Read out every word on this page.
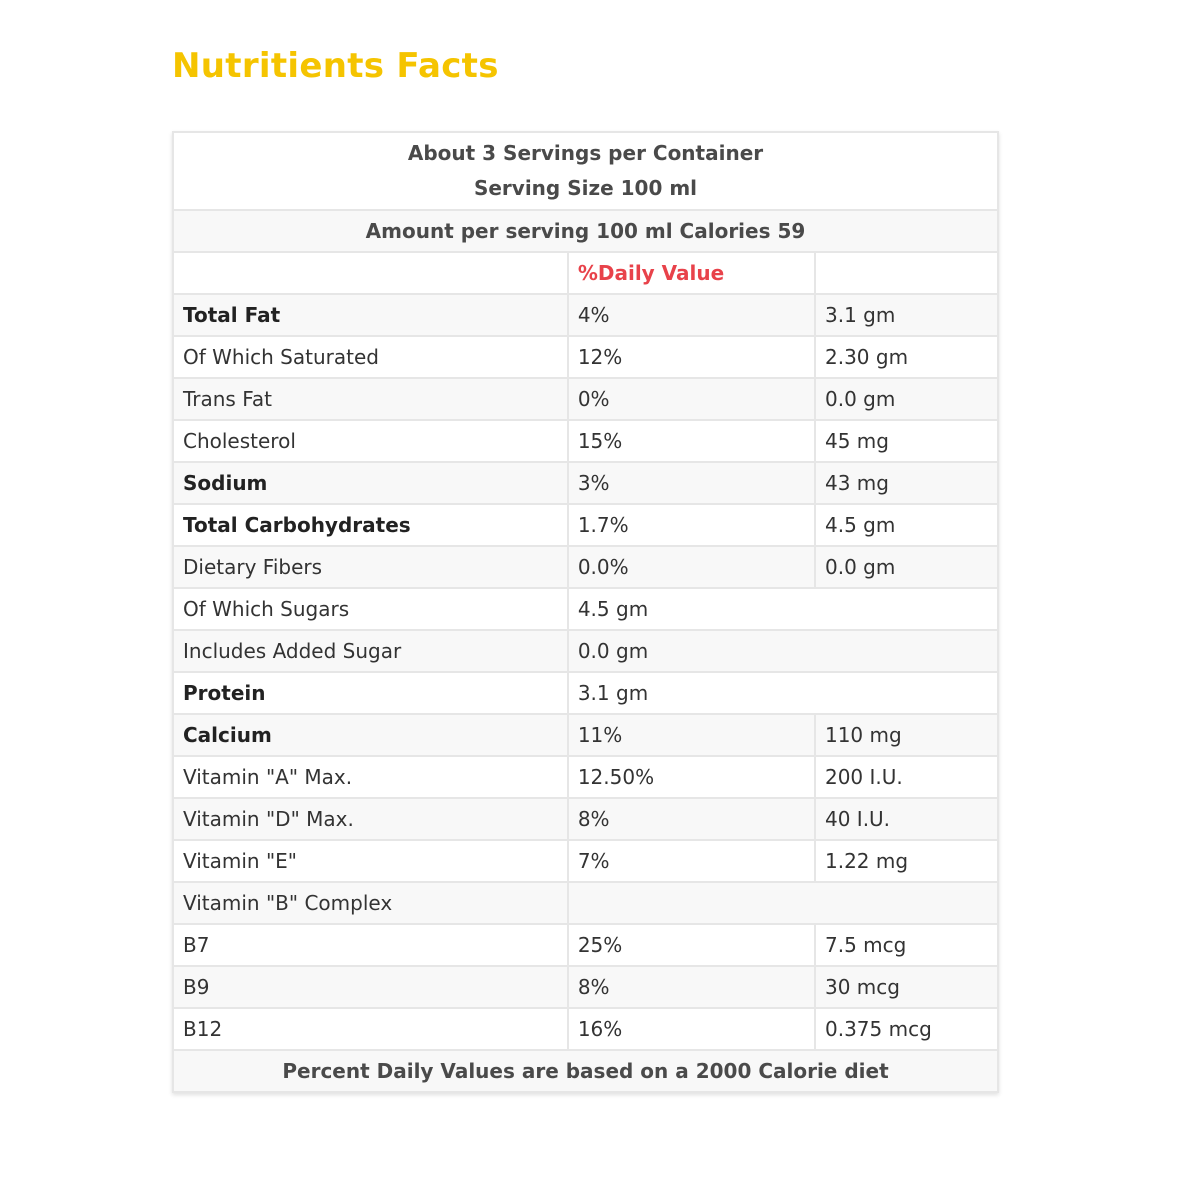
Nutritients Facts
About 3 Servings per Container
Serving Size 100 ml		

Amount per serving 100 ml Calories 59		
	%Daily Value	
Total Fat	4%	3.1 gm
Of Which Saturated	12%	2.30 gm
Trans Fat	0%	0.0 gm
Cholesterol	15%	45 mg
Sodium	3%	43 mg
Total Carbohydrates	1.7%	4.5 gm
Dietary Fibers	0.0%	0.0 gm
Of Which Sugars	4.5 gm	
Includes Added Sugar	0.0 gm	
Protein	3.1 gm	
Calcium	11%	110 mg
Vitamin "A" Max.	12.50%	200 I.U.
Vitamin "D" Max.	8%	40 I.U.
Vitamin "E"	7%	1.22 mg
Vitamin "B" Complex		
B7	25%	7.5 mcg
B9	8%	30 mcg
B12	16%	0.375 mcg
Percent Daily Values are based on a 2000 Calorie diet		
